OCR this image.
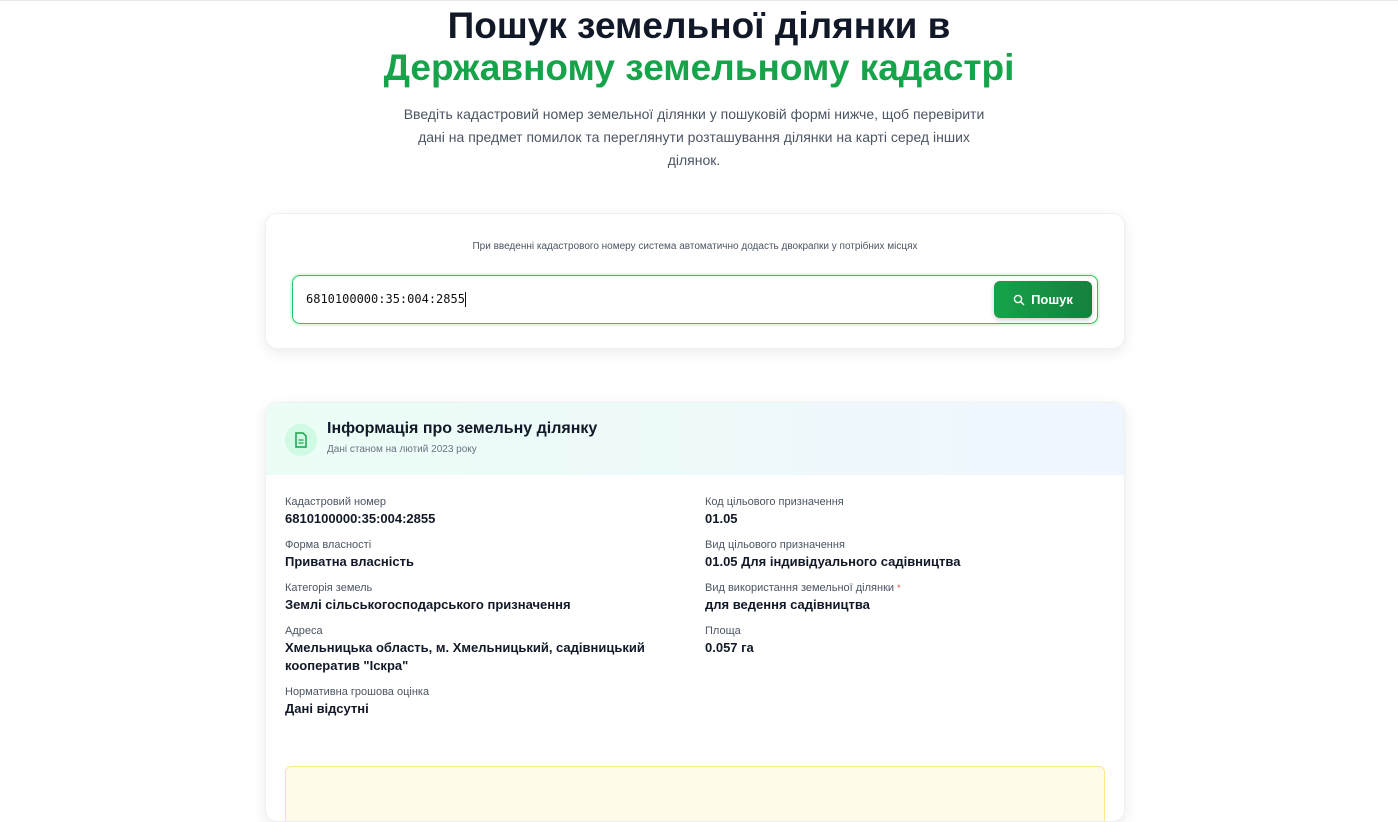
Пошук земельної ділянки в
Державному земельному кадастрі

Введіть кадастровий номер земельної ділянки у пошуковій формі нижче, щоб перевірити дані на предмет помилок та переглянути розташування ділянки на карті серед інших ділянок.

При введенні кадастрового номеру система автоматично додасть двокрапки у потрібних місцях
6810100000:35:004:2855	Пошук
Інформація про земельну ділянку
Дані станом на лютий 2023 року
Кадастровий номер
6810100000:35:004:2855
Форма власності
Приватна власність
Категорія земель
Землі сільськогосподарського призначення
Адреса
Хмельницька область, м. Хмельницький, садівницький кооператив "Іскра"
Нормативна грошова оцінка
Дані відсутні
Код цільового призначення
01.05
Вид цільового призначення
01.05 Для індивідуального садівництва
Вид використання земельної ділянки *
для ведення садівництва
Площа
0.057 га
